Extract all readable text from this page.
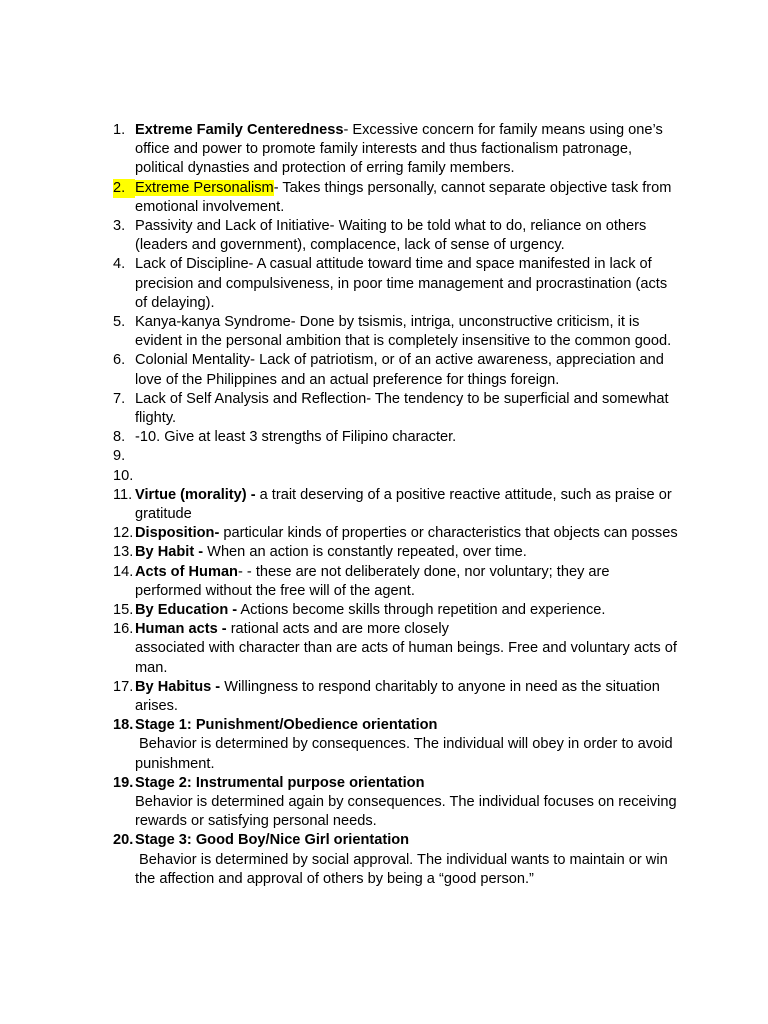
1. Extreme Family Centeredness- Excessive concern for family means using one’s office and power to promote family interests and thus factionalism patronage, political dynasties and protection of erring family members.
2. Extreme Personalism- Takes things personally, cannot separate objective task from emotional involvement.
3. Passivity and Lack of Initiative- Waiting to be told what to do, reliance on others (leaders and government), complacence, lack of sense of urgency.
4. Lack of Discipline- A casual attitude toward time and space manifested in lack of precision and compulsiveness, in poor time management and procrastination (acts of delaying).
5. Kanya-kanya Syndrome- Done by tsismis, intriga, unconstructive criticism, it is evident in the personal ambition that is completely insensitive to the common good.
6. Colonial Mentality- Lack of patriotism, or of an active awareness, appreciation and love of the Philippines and an actual preference for things foreign.
7. Lack of Self Analysis and Reflection- The tendency to be superficial and somewhat flighty.
8. -10. Give at least 3 strengths of Filipino character.
9.
10.
11. Virtue (morality) - a trait deserving of a positive reactive attitude, such as praise or gratitude
12. Disposition- particular kinds of properties or characteristics that objects can posses
13. By Habit - When an action is constantly repeated, over time.
14. Acts of Human- - these are not deliberately done, nor voluntary; they are performed without the free will of the agent.
15. By Education - Actions become skills through repetition and experience.
16. Human acts - rational acts and are more closely
associated with character than are acts of human beings. Free and voluntary acts of man.
17. By Habitus - Willingness to respond charitably to anyone in need as the situation arises.
18. Stage 1: Punishment/Obedience orientation
Behavior is determined by consequences. The individual will obey in order to avoid punishment.
19. Stage 2: Instrumental purpose orientation
Behavior is determined again by consequences. The individual focuses on receiving rewards or satisfying personal needs.
20. Stage 3: Good Boy/Nice Girl orientation
Behavior is determined by social approval. The individual wants to maintain or win the affection and approval of others by being a “good person.”
